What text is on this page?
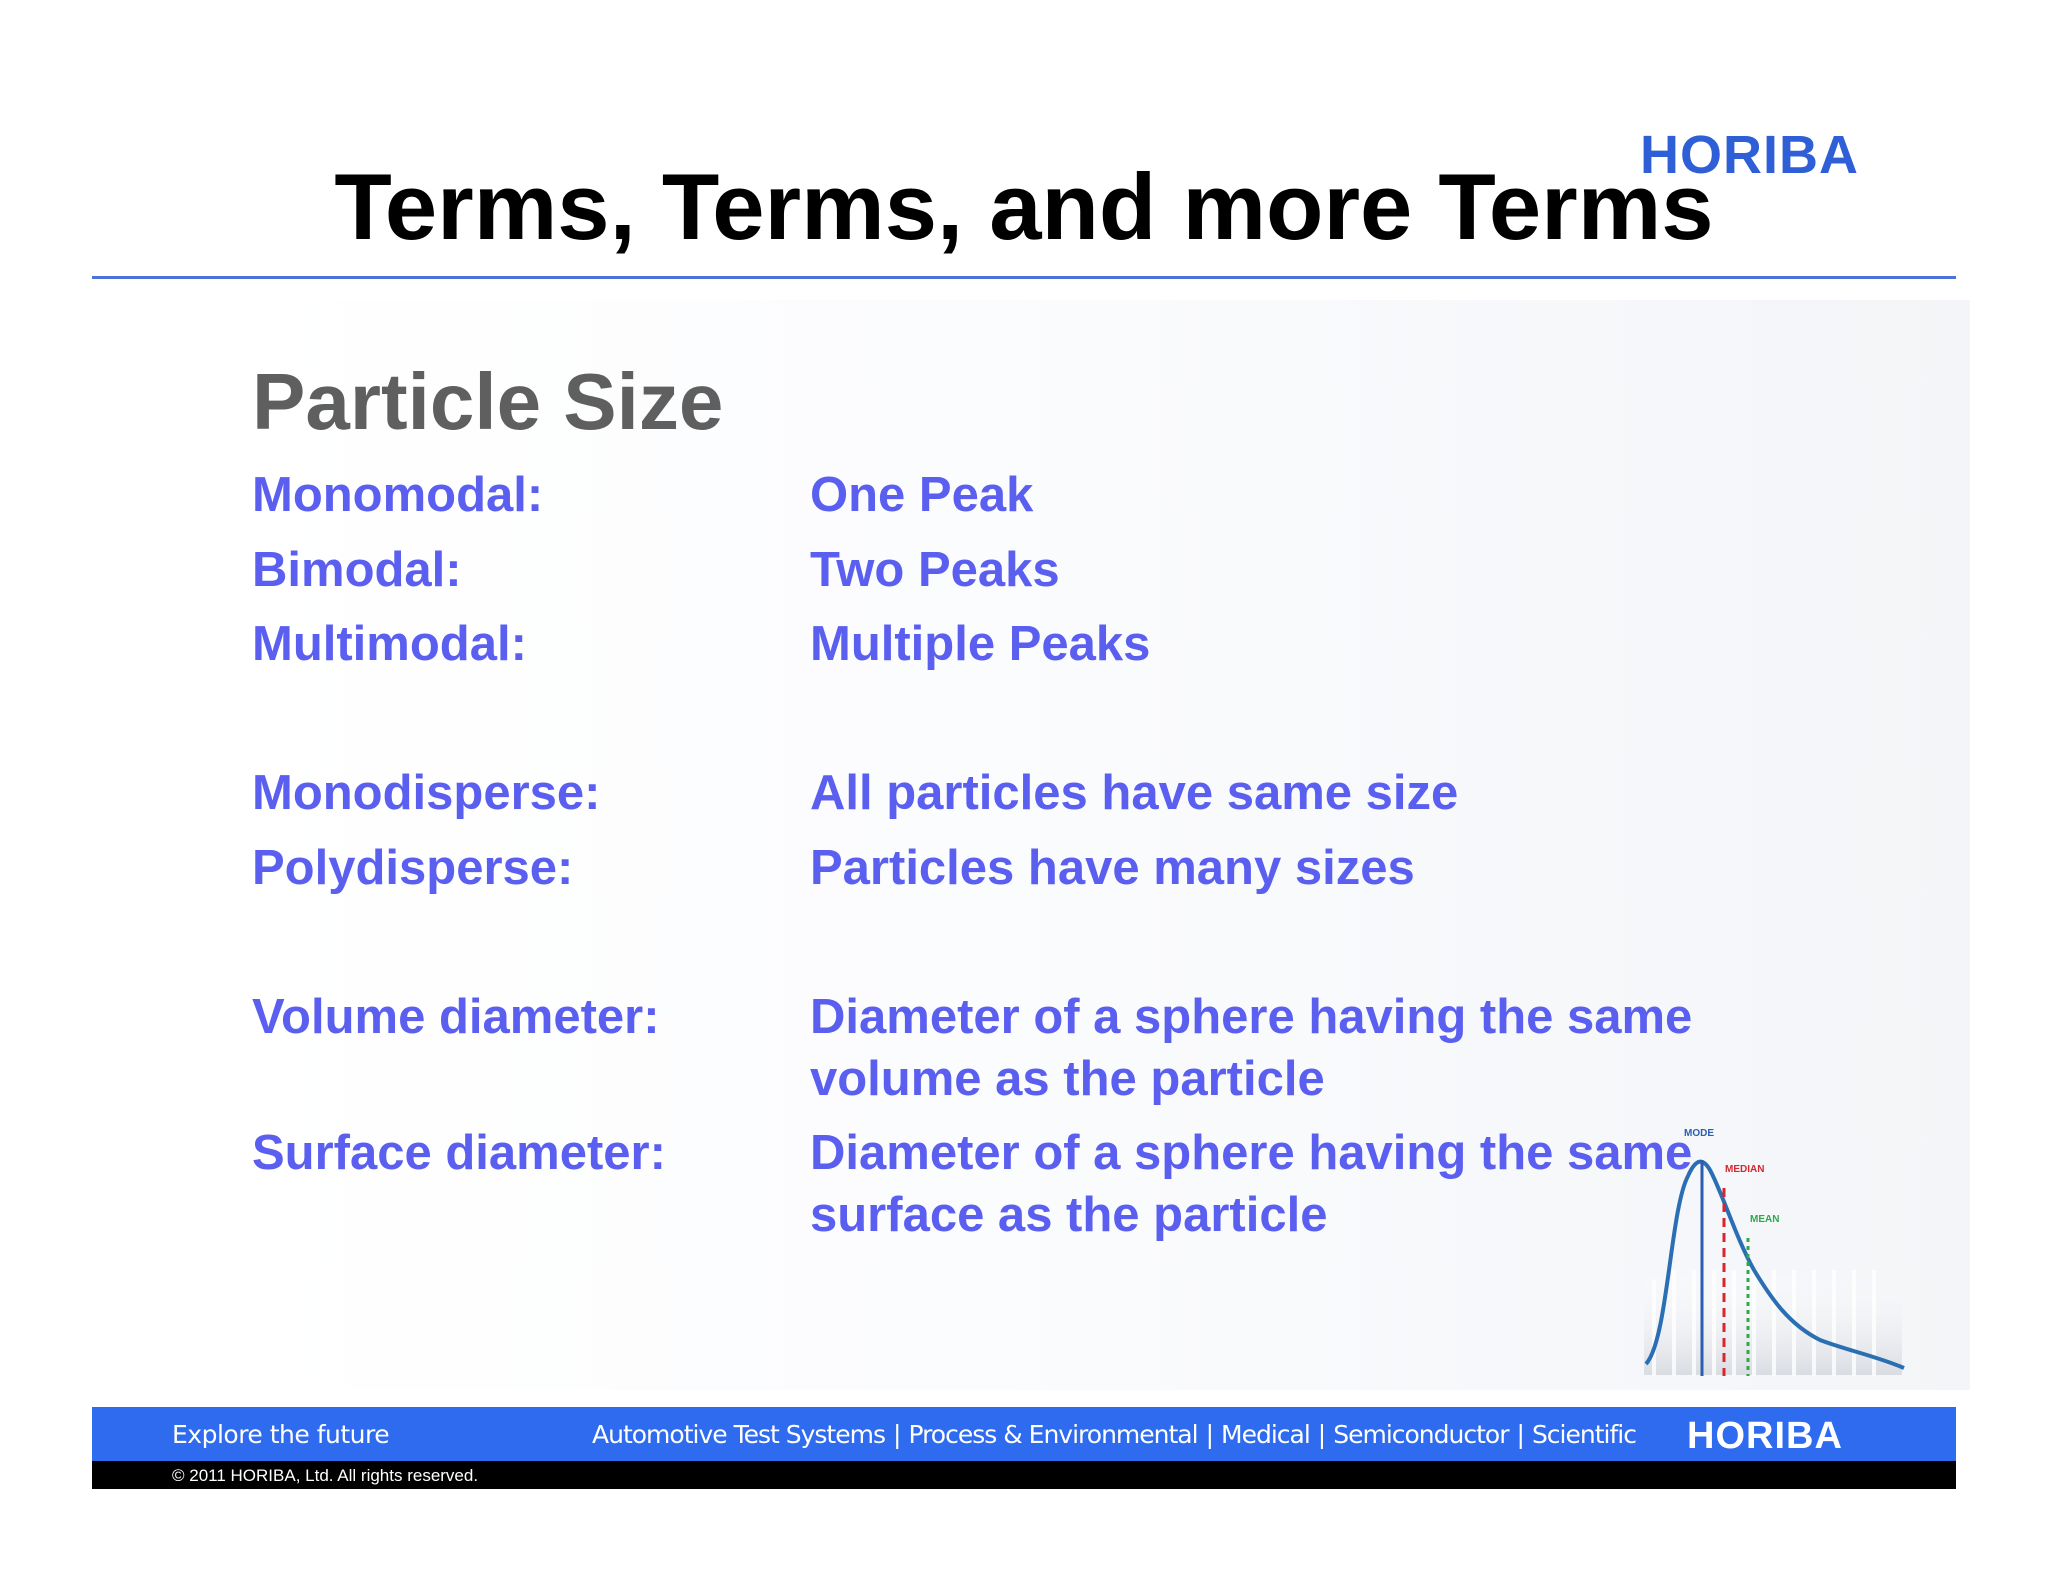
HORIBA
Terms, Terms, and more Terms
Particle Size
Monomodal:	One Peak
Bimodal:	Two Peaks
Multimodal:	Multiple Peaks
Monodisperse:	All particles have same size
Polydisperse:	Particles have many sizes
Volume diameter:	Diameter of a sphere having the same
volume as the particle
Surface diameter:	Diameter of a sphere having the same
surface as the particle
MODE
MEDIAN
MEAN
Explore the future	Automotive Test Systems | Process & Environmental | Medical | Semiconductor | Scientific HORIBA
© 2011 HORIBA, Ltd. All rights reserved.
